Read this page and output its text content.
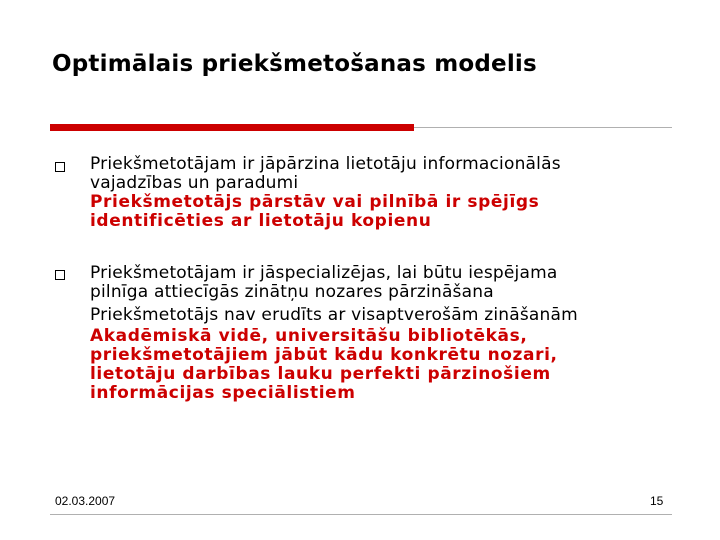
Optimālais priekšmetošanas modelis
Priekšmetotājam ir jāpārzina lietotāju informacionālās
vajadzības un paradumi
Priekšmetotājs pārstāv vai pilnībā ir spējīgs
identificēties ar lietotāju kopienu
Priekšmetotājam ir jāspecializējas, lai būtu iespējama
pilnīga attiecīgās zinātņu nozares pārzināšana
Priekšmetotājs nav erudīts ar visaptverošām zināšanām
Akadēmiskā vidē, universitāšu bibliotēkās,
priekšmetotājiem jābūt kādu konkrētu nozari,
lietotāju darbības lauku perfekti pārzinošiem
informācijas speciālistiem
02.03.2007	15
